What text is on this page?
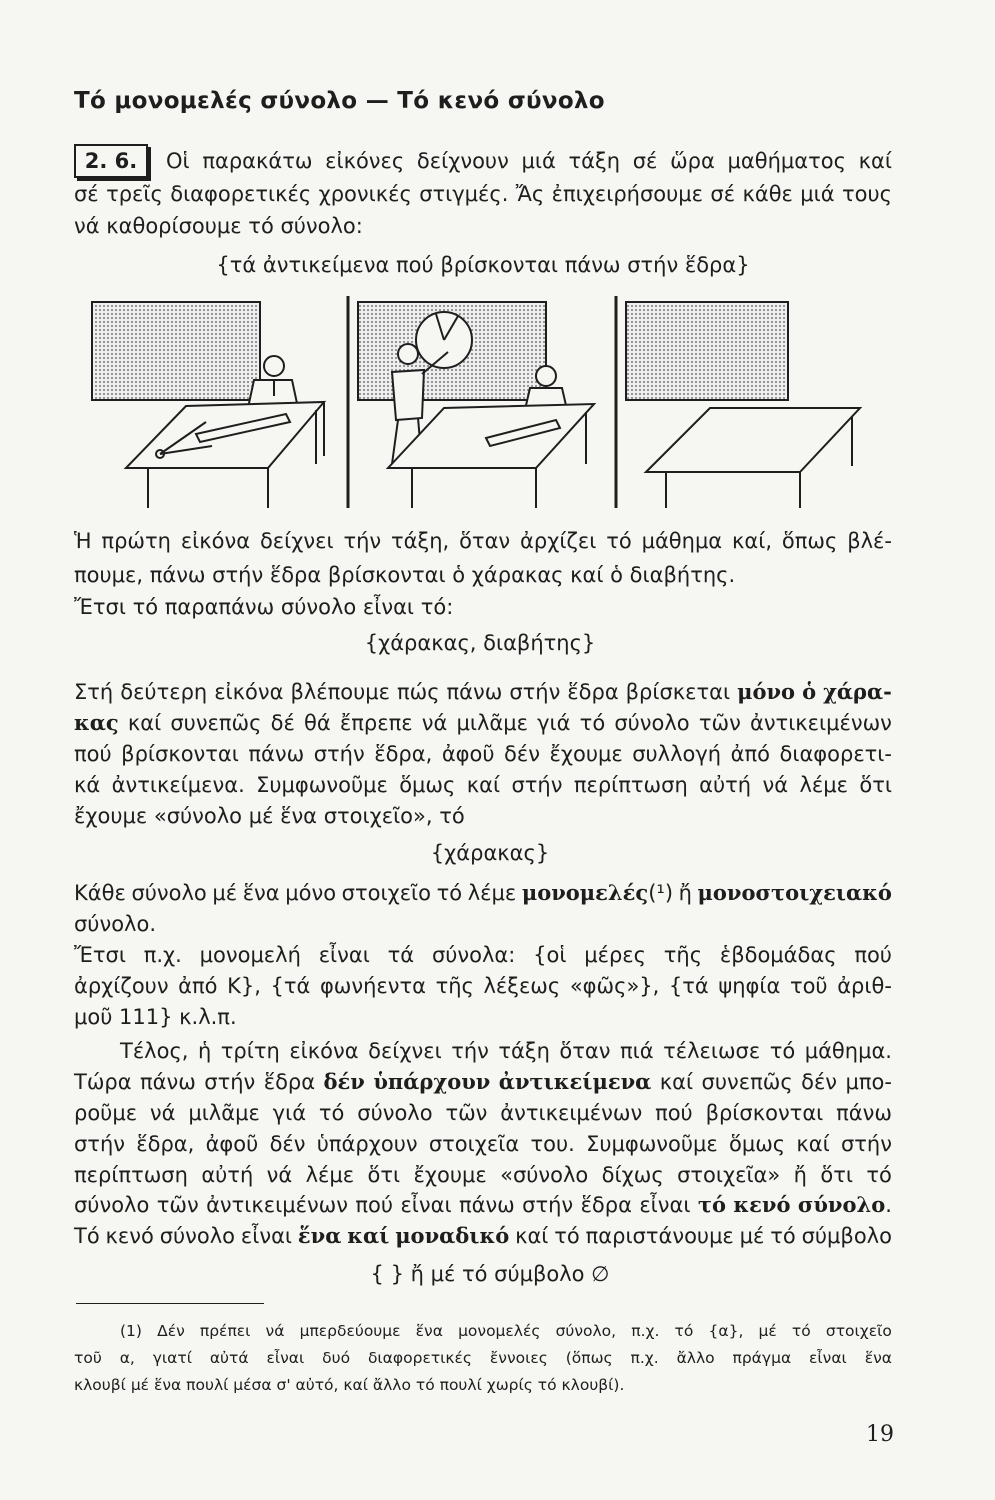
Τό μονομελές σύνολο — Τό κενό σύνολο
2. 6.	Οἱ παρακάτω εἰκόνες δείχνουν μιά τάξη σέ ὥρα μαθήματος καί
σέ τρεῖς διαφορετικές χρονικές στιγμές. Ἄς ἐπιχειρήσουμε σέ κάθε μιά τους
νά καθορίσουμε τό σύνολο:
{τά ἀντικείμενα πού βρίσκονται πάνω στήν ἕδρα}
Ἡ πρώτη εἰκόνα δείχνει τήν τάξη, ὅταν ἀρχίζει τό μάθημα καί, ὅπως βλέ-
πουμε, πάνω στήν ἕδρα βρίσκονται ὁ χάρακας καί ὁ διαβήτης.
Ἔτσι τό παραπάνω σύνολο εἶναι τό:
{χάρακας, διαβήτης}
Στή δεύτερη εἰκόνα βλέπουμε πώς πάνω στήν ἕδρα βρίσκεται μόνο ὁ χάρα-
κας καί συνεπῶς δέ θά ἔπρεπε νά μιλᾶμε γιά τό σύνολο τῶν ἀντικειμένων
πού βρίσκονται πάνω στήν ἕδρα, ἀφοῦ δέν ἔχουμε συλλογή ἀπό διαφορετι-
κά ἀντικείμενα. Συμφωνοῦμε ὅμως καί στήν περίπτωση αὐτή νά λέμε ὅτι
ἔχουμε «σύνολο μέ ἕνα στοιχεῖο», τό
{χάρακας}
Κάθε σύνολο μέ ἕνα μόνο στοιχεῖο τό λέμε μονομελές(¹) ἤ μονοστοιχειακό
σύνολο.
Ἔτσι π.χ. μονομελή εἶναι τά σύνολα: {οἱ μέρες τῆς ἑβδομάδας πού
ἀρχίζουν ἀπό Κ}, {τά φωνήεντα τῆς λέξεως «φῶς»}, {τά ψηφία τοῦ ἀριθ-
μοῦ 111} κ.λ.π.
Τέλος, ἡ τρίτη εἰκόνα δείχνει τήν τάξη ὅταν πιά τέλειωσε τό μάθημα.
Τώρα πάνω στήν ἕδρα δέν ὑπάρχουν ἀντικείμενα καί συνεπῶς δέν μπο-
ροῦμε νά μιλᾶμε γιά τό σύνολο τῶν ἀντικειμένων πού βρίσκονται πάνω
στήν ἕδρα, ἀφοῦ δέν ὑπάρχουν στοιχεῖα του. Συμφωνοῦμε ὅμως καί στήν
περίπτωση αὐτή νά λέμε ὅτι ἔχουμε «σύνολο δίχως στοιχεῖα» ἤ ὅτι τό
σύνολο τῶν ἀντικειμένων πού εἶναι πάνω στήν ἕδρα εἶναι τό κενό σύνολο.
Τό κενό σύνολο εἶναι ἕνα καί μοναδικό καί τό παριστάνουμε μέ τό σύμβολο
{ } ἤ μέ τό σύμβολο ∅
(1) Δέν πρέπει νά μπερδεύουμε ἕνα μονομελές σύνολο, π.χ. τό {α}, μέ τό στοιχεῖο
τοῦ α, γιατί αὐτά εἶναι δυό διαφορετικές ἔννοιες (ὅπως π.χ. ἄλλο πράγμα εἶναι ἕνα
κλουβί μέ ἕνα πουλί μέσα σ' αὐτό, καί ἄλλο τό πουλί χωρίς τό κλουβί).
19
